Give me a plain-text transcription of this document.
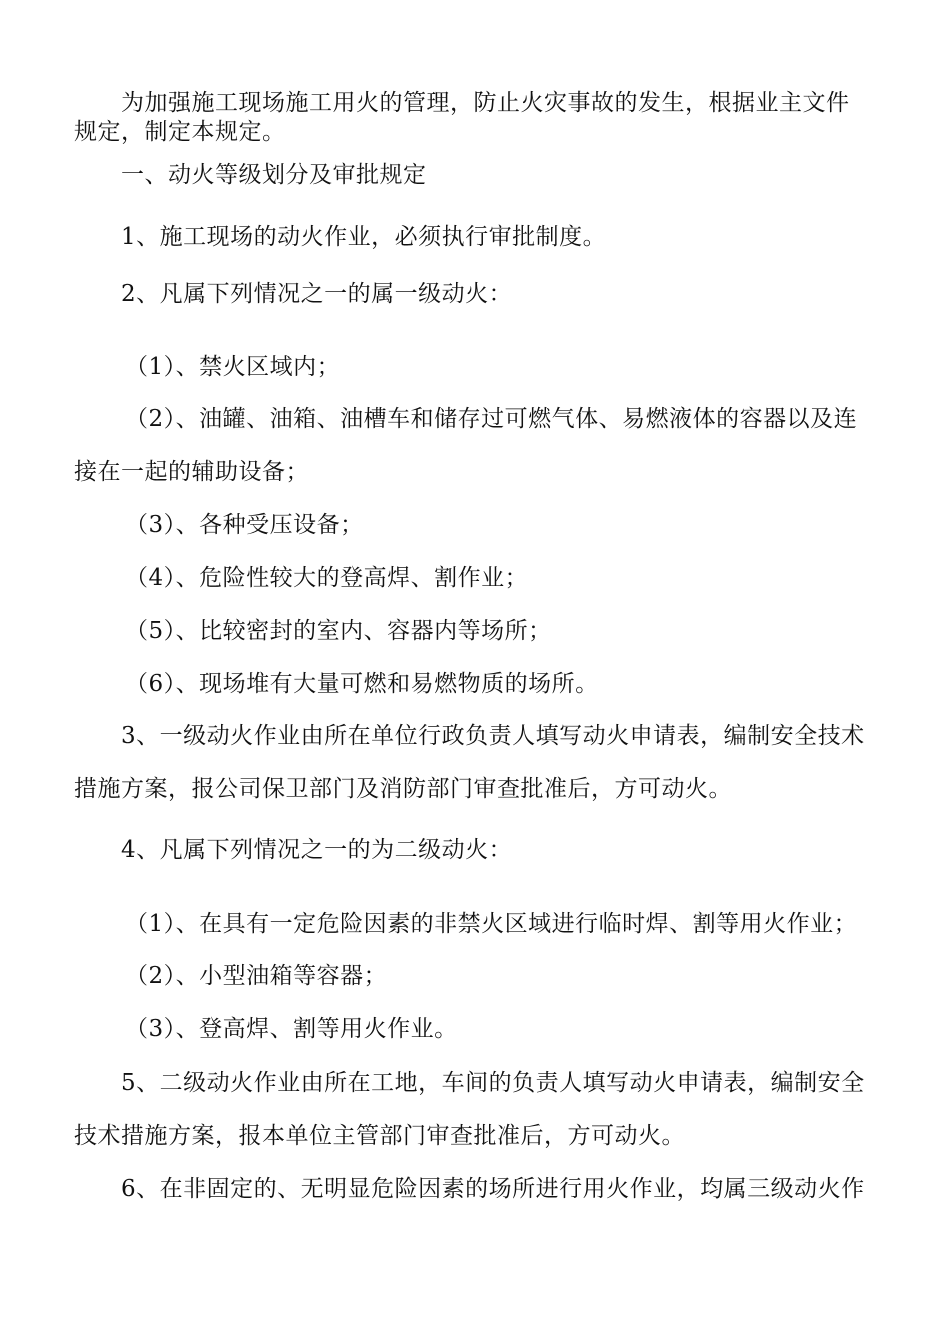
为加强施工现场施工用火的管理，防止火灾事故的发生，根据业主文件
规定，制定本规定。
一、动火等级划分及审批规定
1、施工现场的动火作业，必须执行审批制度。
2、凡属下列情况之一的属一级动火：
（1）、禁火区域内；
（2）、油罐、油箱、油槽车和储存过可燃气体、易燃液体的容器以及连
接在一起的辅助设备；
（3）、各种受压设备；
（4）、危险性较大的登高焊、割作业；
（5）、比较密封的室内、容器内等场所；
（6）、现场堆有大量可燃和易燃物质的场所。
3、一级动火作业由所在单位行政负责人填写动火申请表，编制安全技术
措施方案，报公司保卫部门及消防部门审查批准后，方可动火。
4、凡属下列情况之一的为二级动火：
（1）、在具有一定危险因素的非禁火区域进行临时焊、割等用火作业；
（2）、小型油箱等容器；
（3）、登高焊、割等用火作业。
5、二级动火作业由所在工地，车间的负责人填写动火申请表，编制安全
技术措施方案，报本单位主管部门审查批准后，方可动火。
6、在非固定的、无明显危险因素的场所进行用火作业，均属三级动火作
